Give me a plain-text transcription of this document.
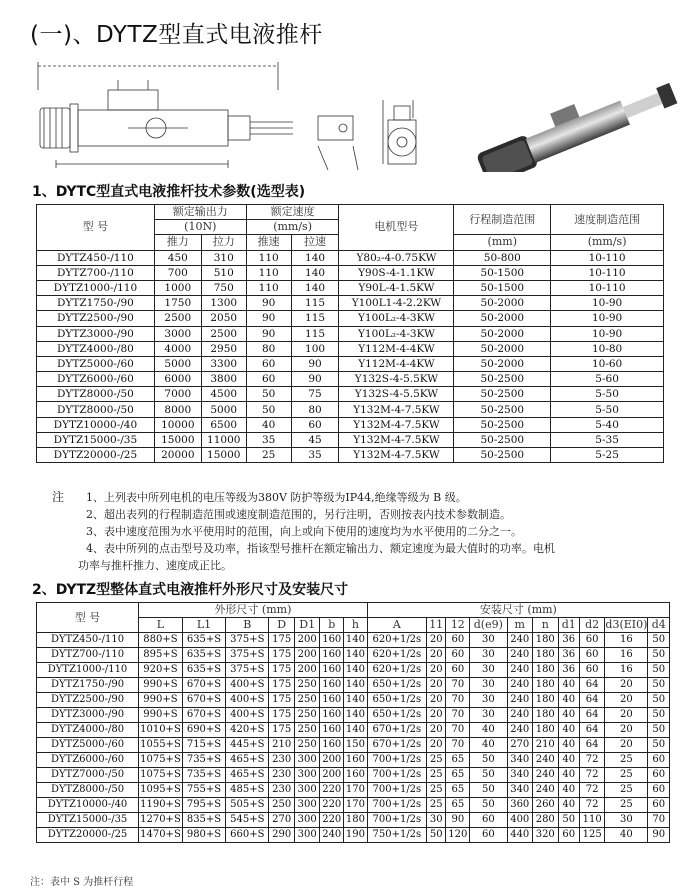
(一)、DYTZ型直式电液推杆
1、DYTC型直式电液推杆技术参数(选型表)
型 号	额定输出力		额定速度		电机型号	行程制造范围	速度制造范围
	(10N)		(mm/s)				
	推力	拉力	推速	拉速		(mm)	(mm/s)
DYTZ450-/110	450	310	110	140	Y80₂-4-0.75KW	50-800	10-110
DYTZ700-/110	700	510	110	140	Y90S-4-1.1KW	50-1500	10-110
DYTZ1000-/110	1000	750	110	140	Y90L-4-1.5KW	50-1500	10-110
DYTZ1750-/90	1750	1300	90	115	Y100L1-4-2.2KW	50-2000	10-90
DYTZ2500-/90	2500	2050	90	115	Y100L₂-4-3KW	50-2000	10-90
DYTZ3000-/90	3000	2500	90	115	Y100L₂-4-3KW	50-2000	10-90
DYTZ4000-/80	4000	2950	80	100	Y112M-4-4KW	50-2000	10-80
DYTZ5000-/60	5000	3300	60	90	Y112M-4-4KW	50-2000	10-60
DYTZ6000-/60	6000	3800	60	90	Y132S-4-5.5KW	50-2500	5-60
DYTZ8000-/50	7000	4500	50	75	Y132S-4-5.5KW	50-2500	5-50
DYTZ8000-/50	8000	5000	50	80	Y132M-4-7.5KW	50-2500	5-50
DYTZ10000-/40	10000	6500	40	60	Y132M-4-7.5KW	50-2500	5-40
DYTZ15000-/35	15000	11000	35	45	Y132M-4-7.5KW	50-2500	5-35
DYTZ20000-/25	20000	15000	25	35	Y132M-4-7.5KW	50-2500	5-25
注 1、上列表中所列电机的电压等级为380V 防护等级为IP44,绝缘等级为 B 级。
2、超出表列的行程制造范围或速度制造范围的，另行注明，否则按表内技术参数制造。
3、表中速度范围为水平使用时的范围，向上或向下使用的速度均为水平使用的二分之一。
4、表中所列的点击型号及功率，指该型号推杆在额定输出力、额定速度为最大值时的功率。电机
功率与推杆推力、速度成正比。
2、DYTZ型整体直式电液推杆外形尺寸及安装尺寸
型 号	外形尺寸 (mm)							安装尺寸 (mm)									
	L	L1	B	D	D1	b	h	A	11	12	d(e9)	m	n	d1	d2	d3(EI0)	d4
DYTZ450-/110	880+S	635+S	375+S	175	200	160	140	620+1/2s	20	60	30	240	180	36	60	16	50
DYTZ700-/110	895+S	635+S	375+S	175	200	160	140	620+1/2s	20	60	30	240	180	36	60	16	50
DYTZ1000-/110	920+S	635+S	375+S	175	200	160	140	620+1/2s	20	60	30	240	180	36	60	16	50
DYTZ1750-/90	990+S	670+S	400+S	175	250	160	140	650+1/2s	20	70	30	240	180	40	64	20	50
DYTZ2500-/90	990+S	670+S	400+S	175	250	160	140	650+1/2s	20	70	30	240	180	40	64	20	50
DYTZ3000-/90	990+S	670+S	400+S	175	250	160	140	650+1/2s	20	70	30	240	180	40	64	20	50
DYTZ4000-/80	1010+S	690+S	420+S	175	250	160	140	670+1/2s	20	70	40	240	180	40	64	20	50
DYTZ5000-/60	1055+S	715+S	445+S	210	250	160	150	670+1/2s	20	70	40	270	210	40	64	20	50
DYTZ6000-/60	1075+S	735+S	465+S	230	300	200	160	700+1/2s	25	65	50	340	240	40	72	25	60
DYTZ7000-/50	1075+S	735+S	465+S	230	300	200	160	700+1/2s	25	65	50	340	240	40	72	25	60
DYTZ8000-/50	1095+S	755+S	485+S	230	300	220	170	700+1/2s	25	65	50	340	240	40	72	25	60
DYTZ10000-/40	1190+S	795+S	505+S	250	300	220	170	700+1/2s	25	65	50	360	260	40	72	25	60
DYTZ15000-/35	1270+S	835+S	545+S	270	300	220	180	700+1/2s	30	90	60	400	280	50	110	30	70
DYTZ20000-/25	1470+S	980+S	660+S	290	300	240	190	750+1/2s	50	120	60	440	320	60	125	40	90
注：表中 S 为推杆行程
